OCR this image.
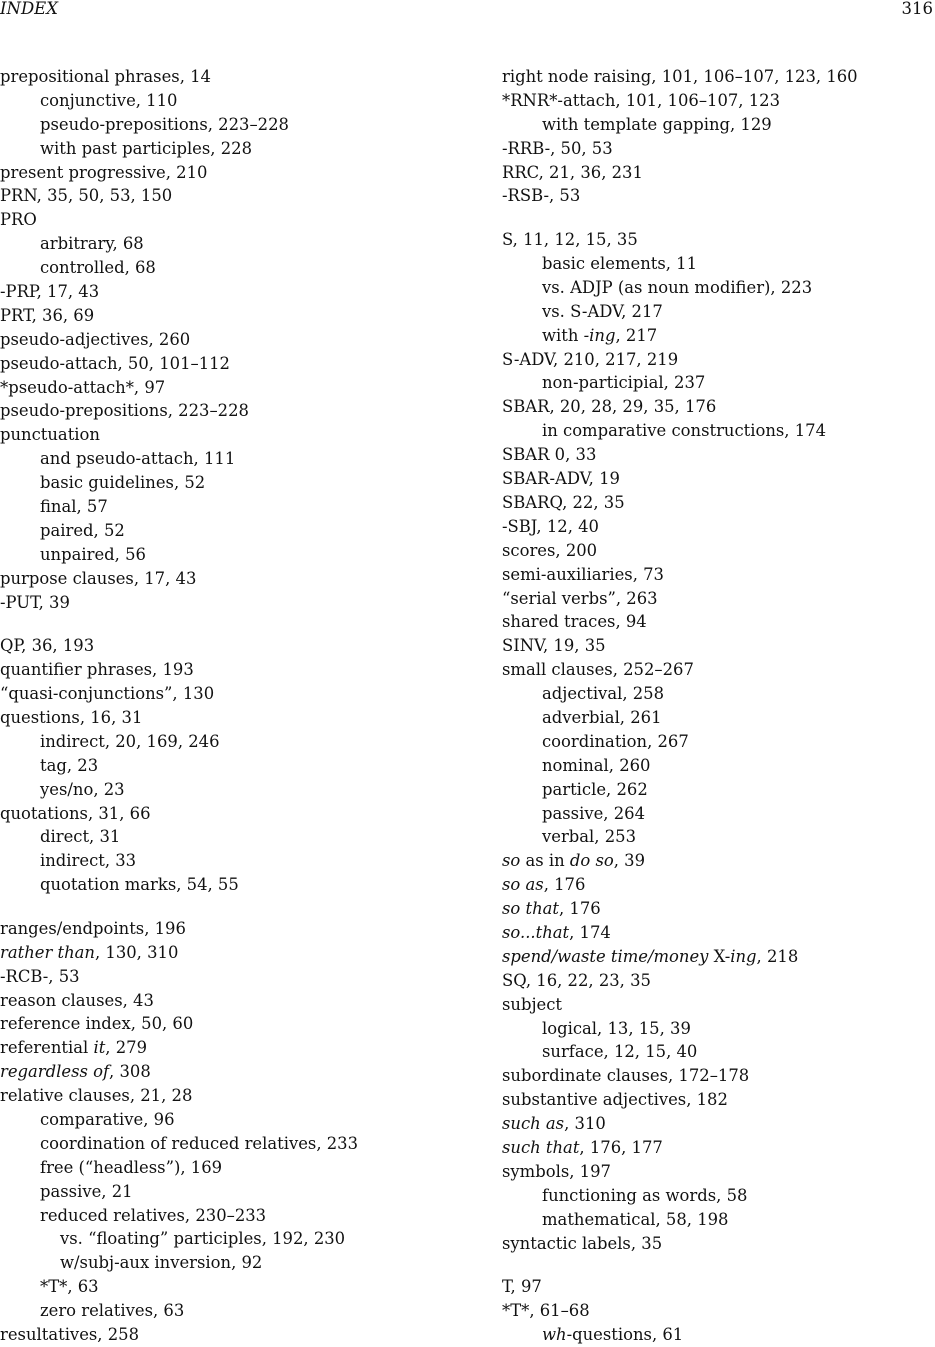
INDEX	316
prepositional phrases, 14
conjunctive, 110
pseudo-prepositions, 223–228
with past participles, 228
present progressive, 210
PRN, 35, 50, 53, 150
PRO
arbitrary, 68
controlled, 68
-PRP, 17, 43
PRT, 36, 69
pseudo-adjectives, 260
pseudo-attach, 50, 101–112
*pseudo-attach*, 97
pseudo-prepositions, 223–228
punctuation
and pseudo-attach, 111
basic guidelines, 52
final, 57
paired, 52
unpaired, 56
purpose clauses, 17, 43
-PUT, 39
QP, 36, 193
quantifier phrases, 193
“quasi-conjunctions”, 130
questions, 16, 31
indirect, 20, 169, 246
tag, 23
yes/no, 23
quotations, 31, 66
direct, 31
indirect, 33
quotation marks, 54, 55
ranges/endpoints, 196
rather than, 130, 310
-RCB-, 53
reason clauses, 43
reference index, 50, 60
referential it, 279
regardless of, 308
relative clauses, 21, 28
comparative, 96
coordination of reduced relatives, 233
free (“headless”), 169
passive, 21
reduced relatives, 230–233
vs. “floating” participles, 192, 230
w/subj-aux inversion, 92
*T*, 63
zero relatives, 63
resultatives, 258
right node raising, 101, 106–107, 123, 160
*RNR*-attach, 101, 106–107, 123
with template gapping, 129
-RRB-, 50, 53
RRC, 21, 36, 231
-RSB-, 53
S, 11, 12, 15, 35
basic elements, 11
vs. ADJP (as noun modifier), 223
vs. S-ADV, 217
with -ing, 217
S-ADV, 210, 217, 219
non-participial, 237
SBAR, 20, 28, 29, 35, 176
in comparative constructions, 174
SBAR 0, 33
SBAR-ADV, 19
SBARQ, 22, 35
-SBJ, 12, 40
scores, 200
semi-auxiliaries, 73
“serial verbs”, 263
shared traces, 94
SINV, 19, 35
small clauses, 252–267
adjectival, 258
adverbial, 261
coordination, 267
nominal, 260
particle, 262
passive, 264
verbal, 253
so as in do so, 39
so as, 176
so that, 176
so...that, 174
spend/waste time/money X-ing, 218
SQ, 16, 22, 23, 35
subject
logical, 13, 15, 39
surface, 12, 15, 40
subordinate clauses, 172–178
substantive adjectives, 182
such as, 310
such that, 176, 177
symbols, 197
functioning as words, 58
mathematical, 58, 198
syntactic labels, 35
T, 97
*T*, 61–68
wh-questions, 61
